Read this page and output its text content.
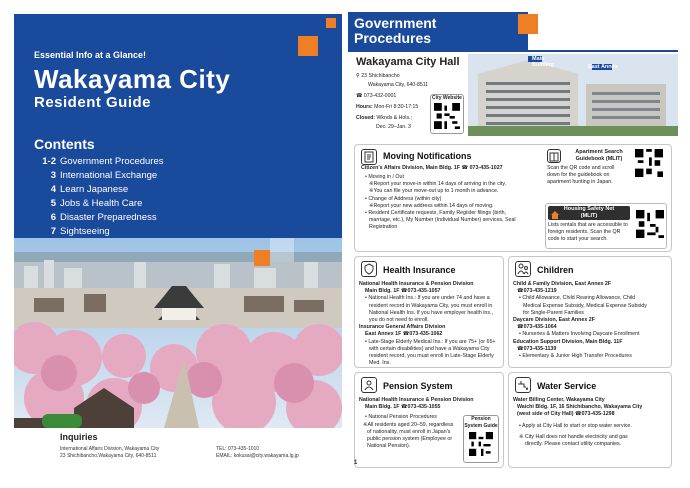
Essential Info at a Glance!
Wakayama City
Resident Guide
Contents
1-2 Government Procedures
3 International Exchange
4 Learn Japanese
5 Jobs & Health Care
6 Disaster Preparedness
7 Sightseeing
Inquiries
International Affairs Division, Wakayama City
23 Shichibancho,Wakayama City, 640-8511
TEL: 073-435-1010
EMAIL: kokusai@city.wakayama.lg.jp
Government
Procedures
Wakayama City Hall
⚲ 23 Shichibancho
Wakayama City, 640-8511
☎ 073-432-0001
Hours: Mon-Fri 8:30-17:15
Closed: Wknds & Hols.;
Dec. 29–Jan. 3
City Website
Main Building	East Annex
Moving Notifications
Citizen's Affairs Division, Main Bldg. 1F ☎ 073-435-1027
• Moving in / Out
※Report your move-in within 14 days of arriving in the city.
※You can file your move-out up to 1 month in advance.
• Change of Address (within city)
※Report your new address within 14 days of moving.
• Resident Certificate requests, Family Register filings (birth,
marriage, etc.), My Number (Individual Number) services, Seal
Registration
Apartment Search
Guidebook (MLIT)
Scan the QR code and scroll
down for the guidebook on
apartment hunting in Japan.
Housing Safety Net
(MLIT)
Lists rentals that are accessible to
foreign residents. Scan the QR
code to start your search.
Health Insurance
National Health Insurance & Pension Division
Main Bldg. 1F ☎073-435-1057
• National Health Ins.: If you are under 74 and have a
resident record in Wakayama City, you must enroll in
National Health Ins. If you have employer health ins.,
you do not need to enroll.
Insurance General Affairs Division
East Annex 1F ☎073-435-1062
• Late-Stage Elderly Medical Ins.: If you are 75+ (or 65+
with certain disabilities) and have a Wakayama City
resident record, you must enroll in Late-Stage Elderly
Med. Ins.
Children
Child & Family Division, East Annex 2F
☎073-435-1219
• Child Allowance, Child Rearing Allowance, Child
Medical Expense Subsidy, Medical Expense Subsidy
for Single-Parent Families
Daycare Division, East Annex 2F
☎073-435-1064
• Nurseries & Matters Involving Daycare Enrollment
Education Support Division, Main Bldg. 11F
☎073-435-1139
• Elementary & Junior High Transfer Procedures
Pension System
National Health Insurance & Pension Division
Main Bldg. 1F ☎073-435-1055
• National Pension Procedures
※All residents aged 20–59, regardless
of nationality, must enroll in Japan's
public pension system (Employee or
National Pension).
Pension
System Guide
Water Service
Water Billing Center, Wakayama City
Waichi Bldg. 1F, 16 Shichibancho, Wakayama City
(west side of City Hall) ☎073-435-1298
• Apply at City Hall to start or stop water service.
※ City Hall does not handle electricity and gas
directly. Please contact utility companies.
1
